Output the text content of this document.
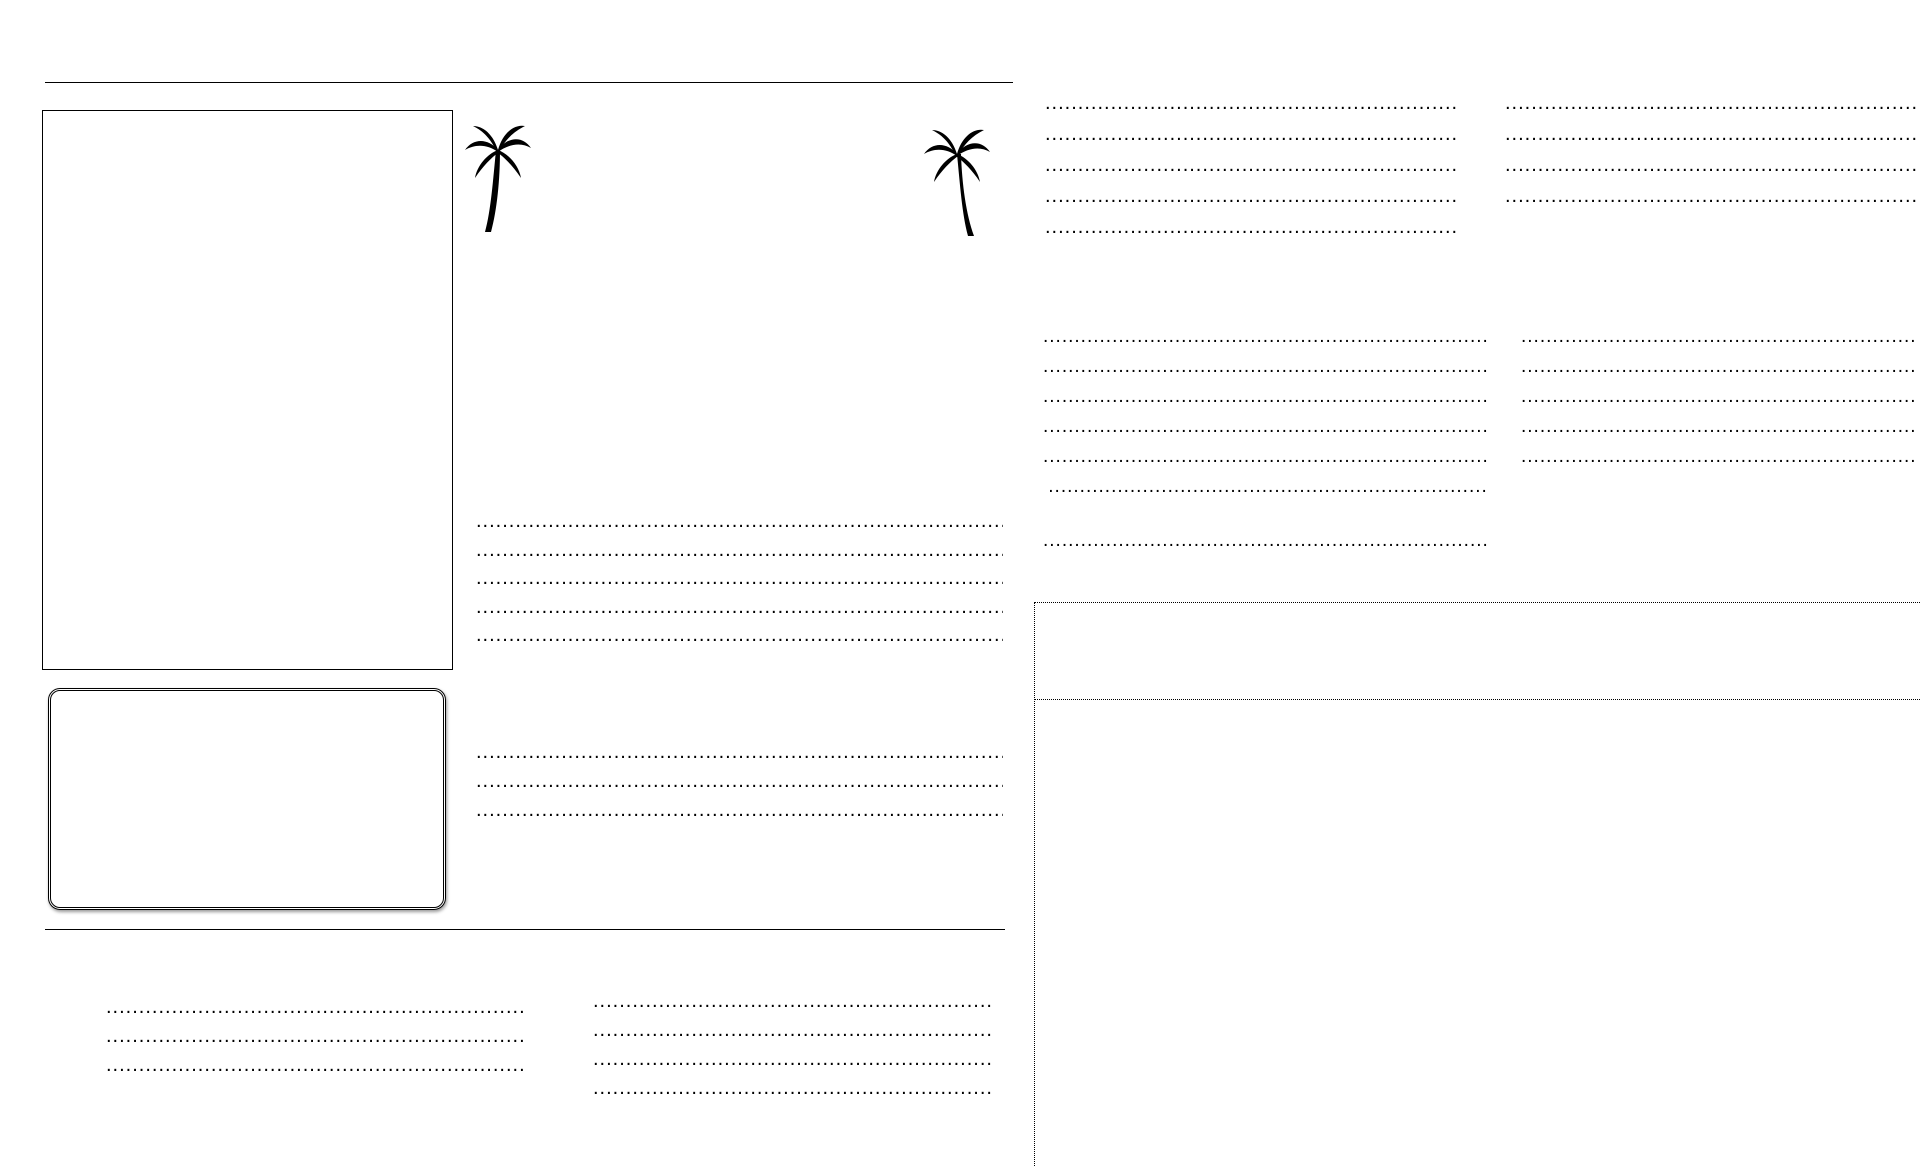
.....
.....
.....
.....
.....
.....
.....
.....
.....
.....
.....
.....
.....
.....
.....
.....
.....
.....
.....
.....
.....
.....
.....
.....
.....
.....
.....
.....
.....

.....

.....
.....
.....
.....
.....
.....
